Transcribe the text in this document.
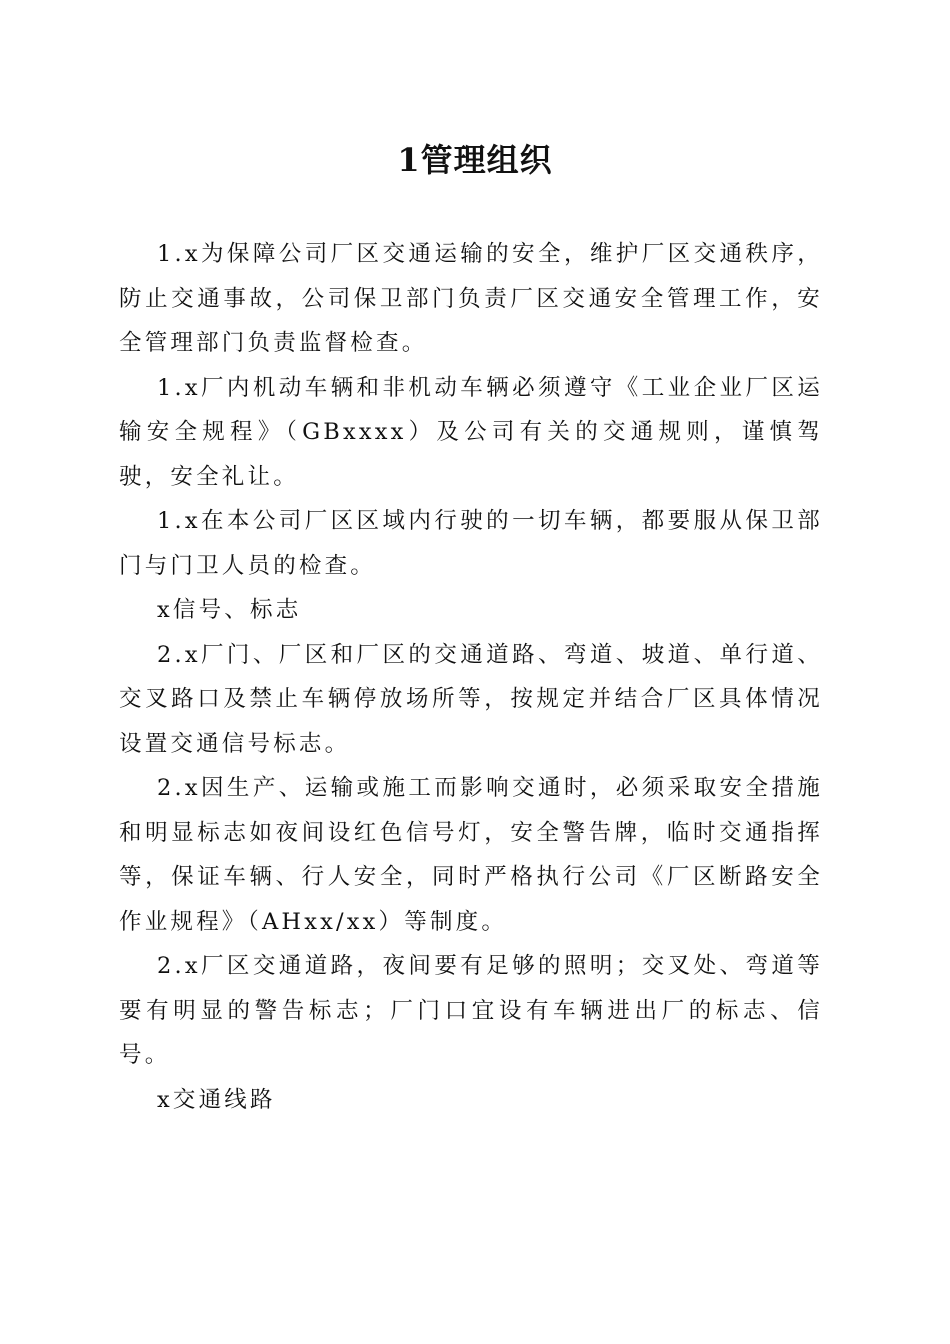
1管理组织

1.x为保障公司厂区交通运输的安全，维护厂区交通秩序，防止交通事故，公司保卫部门负责厂区交通安全管理工作，安全管理部门负责监督检查。

1.x厂内机动车辆和非机动车辆必须遵守《工业企业厂区运输安全规程》（GBxxxx）及公司有关的交通规则，谨慎驾驶，安全礼让。

1.x在本公司厂区区域内行驶的一切车辆，都要服从保卫部门与门卫人员的检查。

x信号、标志

2.x厂门、厂区和厂区的交通道路、弯道、坡道、单行道、交叉路口及禁止车辆停放场所等，按规定并结合厂区具体情况设置交通信号标志。

2.x因生产、运输或施工而影响交通时，必须采取安全措施和明显标志如夜间设红色信号灯，安全警告牌，临时交通指挥等，保证车辆、行人安全，同时严格执行公司《厂区断路安全作业规程》（AHxx/xx）等制度。

2.x厂区交通道路，夜间要有足够的照明；交叉处、弯道等要有明显的警告标志；厂门口宜设有车辆进出厂的标志、信号。

x交通线路
